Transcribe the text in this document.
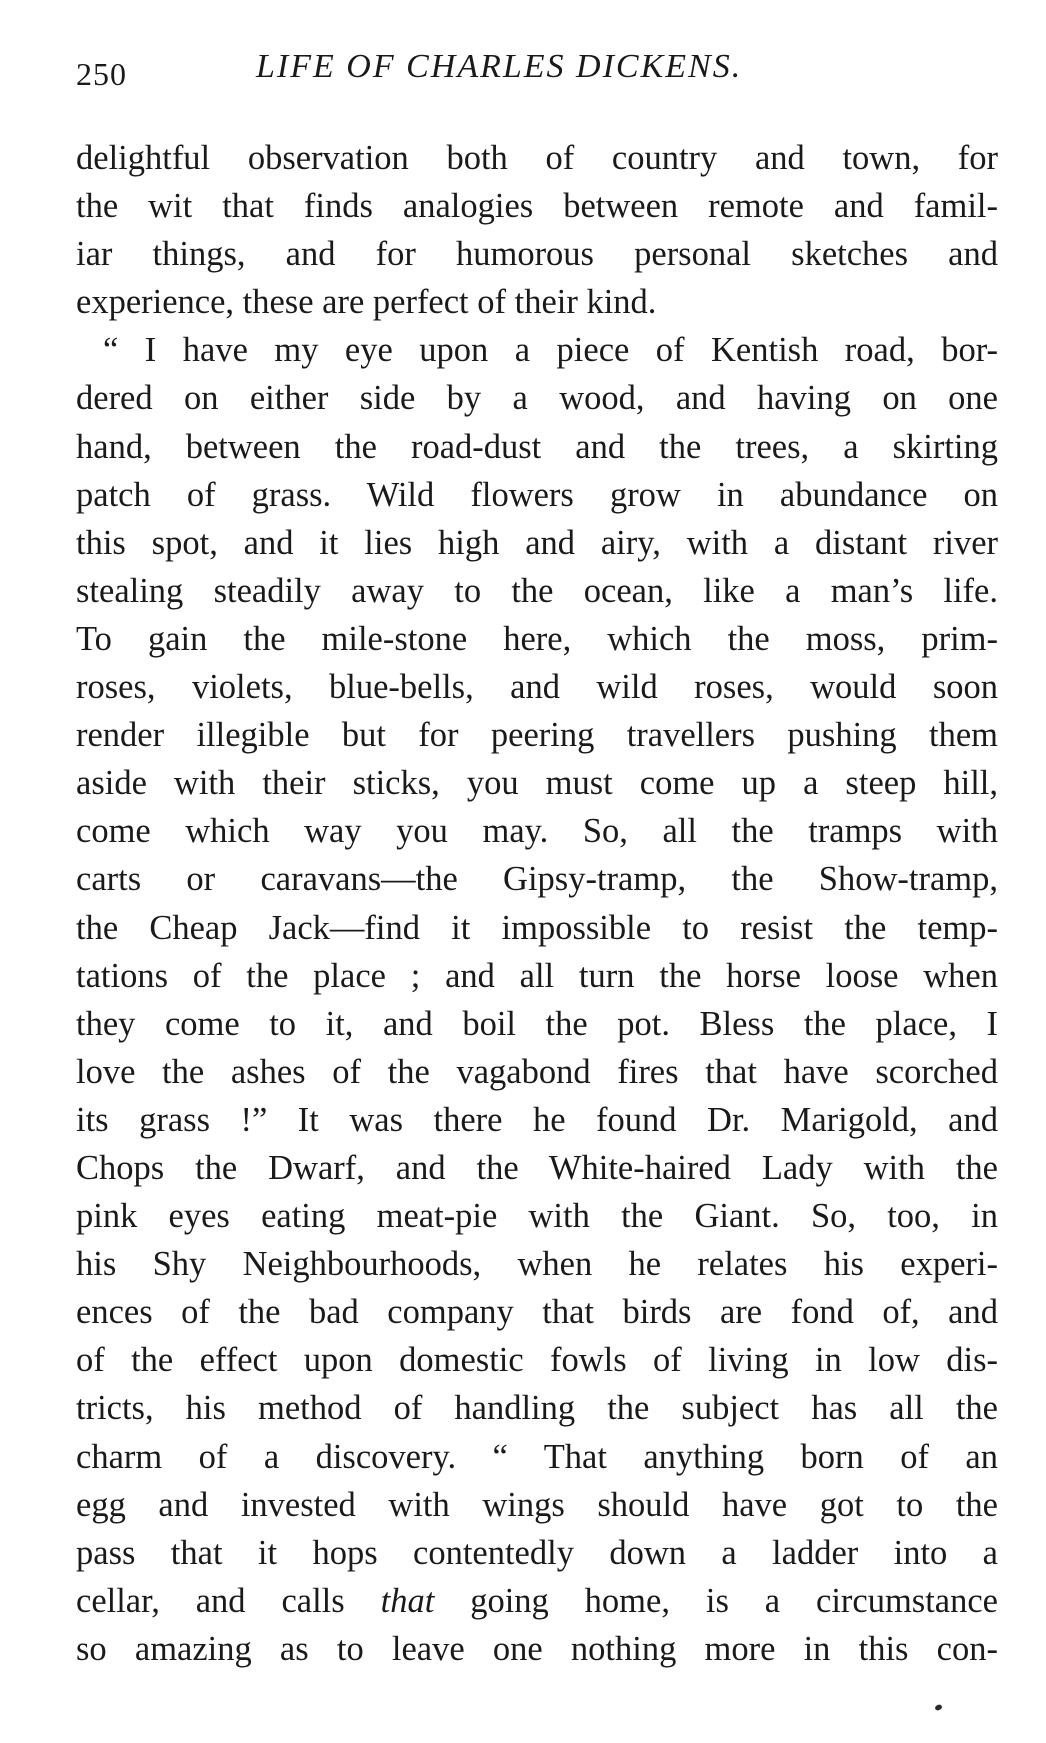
250	LIFE OF CHARLES DICKENS.
delightful observation both of country and town, for
the wit that finds analogies between remote and famil-
iar things, and for humorous personal sketches and
experience, these are perfect of their kind.
“ I have my eye upon a piece of Kentish road, bor-
dered on either side by a wood, and having on one
hand, between the road-dust and the trees, a skirting
patch of grass. Wild flowers grow in abundance on
this spot, and it lies high and airy, with a distant river
stealing steadily away to the ocean, like a man’s life.
To gain the mile-stone here, which the moss, prim-
roses, violets, blue-bells, and wild roses, would soon
render illegible but for peering travellers pushing them
aside with their sticks, you must come up a steep hill,
come which way you may. So, all the tramps with
carts or caravans—the Gipsy-tramp, the Show-tramp,
the Cheap Jack—find it impossible to resist the temp-
tations of the place ; and all turn the horse loose when
they come to it, and boil the pot. Bless the place, I
love the ashes of the vagabond fires that have scorched
its grass !” It was there he found Dr. Marigold, and
Chops the Dwarf, and the White-haired Lady with the
pink eyes eating meat-pie with the Giant. So, too, in
his Shy Neighbourhoods, when he relates his experi-
ences of the bad company that birds are fond of, and
of the effect upon domestic fowls of living in low dis-
tricts, his method of handling the subject has all the
charm of a discovery. “ That anything born of an
egg and invested with wings should have got to the
pass that it hops contentedly down a ladder into a
cellar, and calls that going home, is a circumstance
so amazing as to leave one nothing more in this con-
